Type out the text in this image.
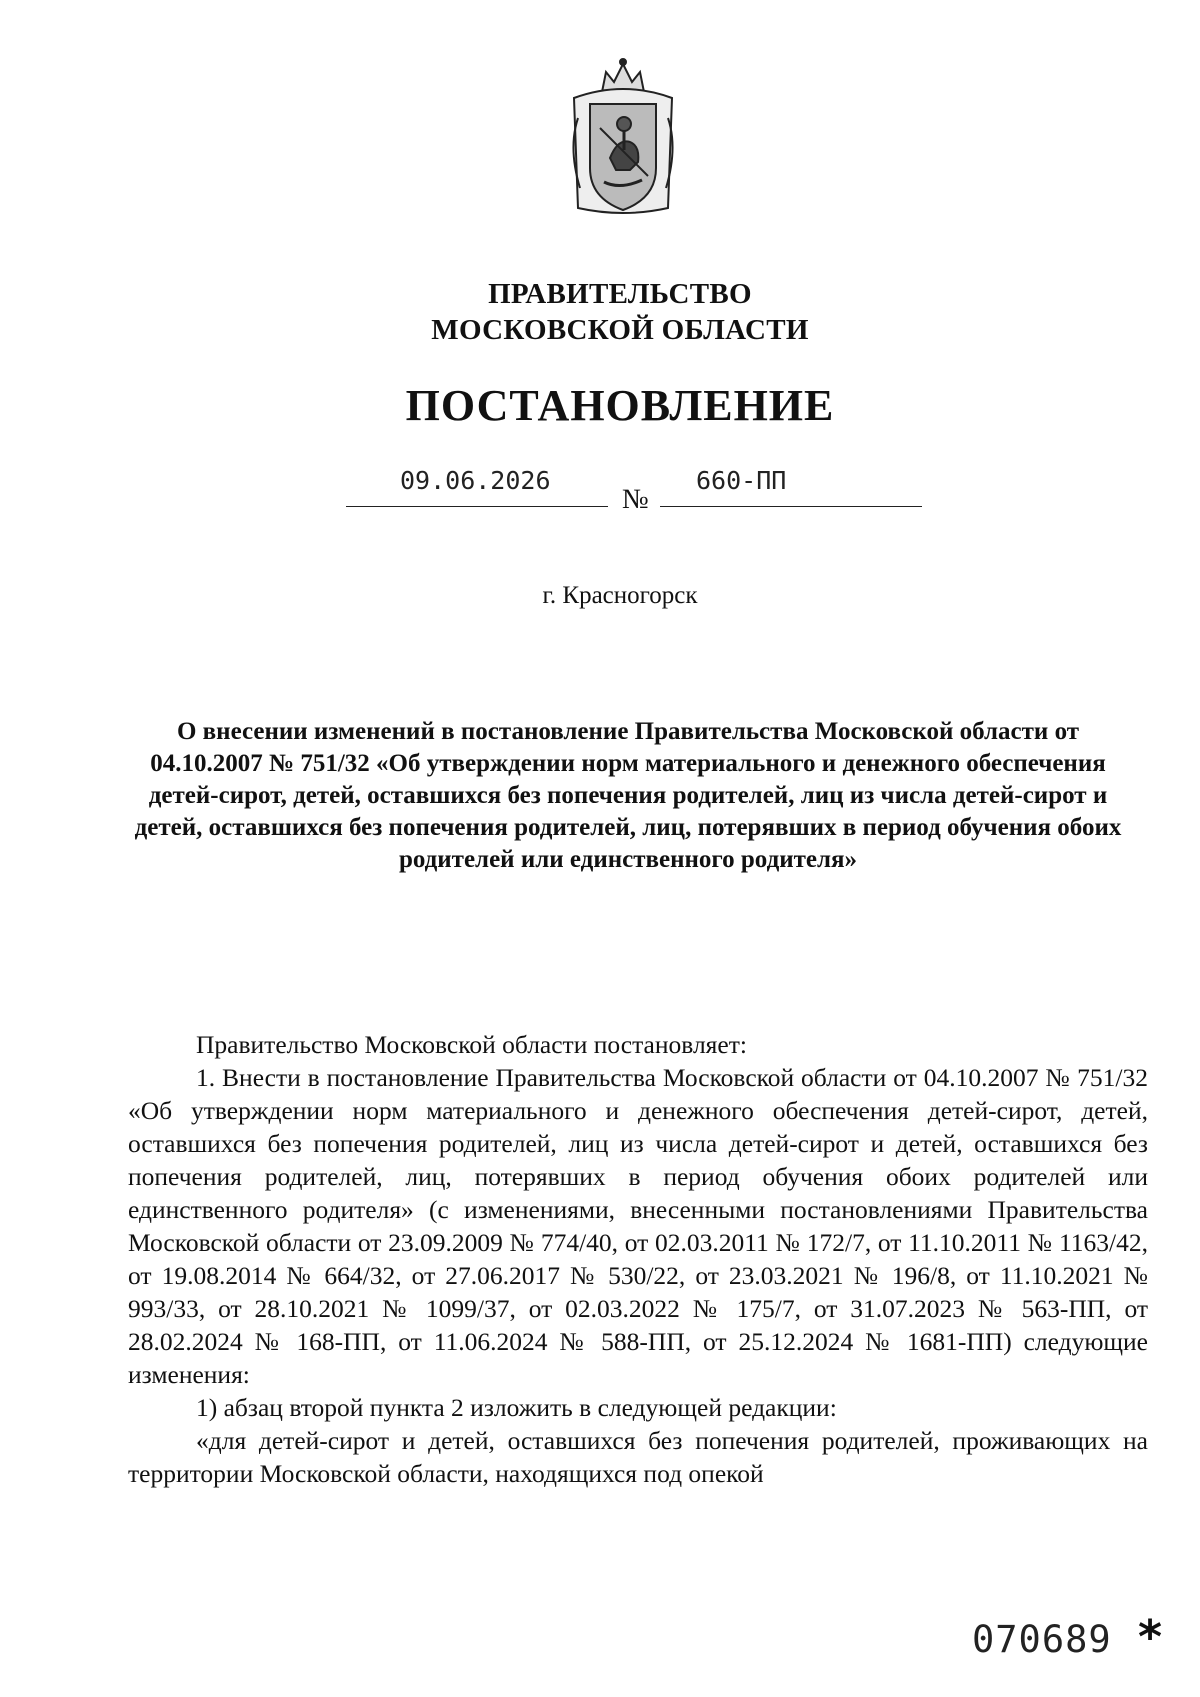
ПРАВИТЕЛЬСТВО
МОСКОВСКОЙ ОБЛАСТИ
ПОСТАНОВЛЕНИЕ
09.06.2026
№
660-ПП
г. Красногорск
О внесении изменений в постановление Правительства Московской области от 04.10.2007 № 751/32 «Об утверждении норм материального и денежного обеспечения детей-сирот, детей, оставшихся без попечения родителей, лиц из числа детей-сирот и детей, оставшихся без попечения родителей, лиц, потерявших в период обучения обоих родителей или единственного родителя»

Правительство Московской области постановляет:

1. Внести в постановление Правительства Московской области от 04.10.2007 № 751/32 «Об утверждении норм материального и денежного обеспечения детей-сирот, детей, оставшихся без попечения родителей, лиц из числа детей-сирот и детей, оставшихся без попечения родителей, лиц, потерявших в период обучения обоих родителей или единственного родителя» (с изменениями, внесенными постановлениями Правительства Московской области от 23.09.2009 № 774/40, от 02.03.2011 № 172/7, от 11.10.2011 № 1163/42, от 19.08.2014 № 664/32, от 27.06.2017 № 530/22, от 23.03.2021 № 196/8, от 11.10.2021 № 993/33, от 28.10.2021 № 1099/37, от 02.03.2022 № 175/7, от 31.07.2023 № 563-ПП, от 28.02.2024 № 168-ПП, от 11.06.2024 № 588-ПП, от 25.12.2024 № 1681-ПП) следующие изменения:

1) абзац второй пункта 2 изложить в следующей редакции:

«для детей-сирот и детей, оставшихся без попечения родителей, проживающих на территории Московской области, находящихся под опекой

070689 *
